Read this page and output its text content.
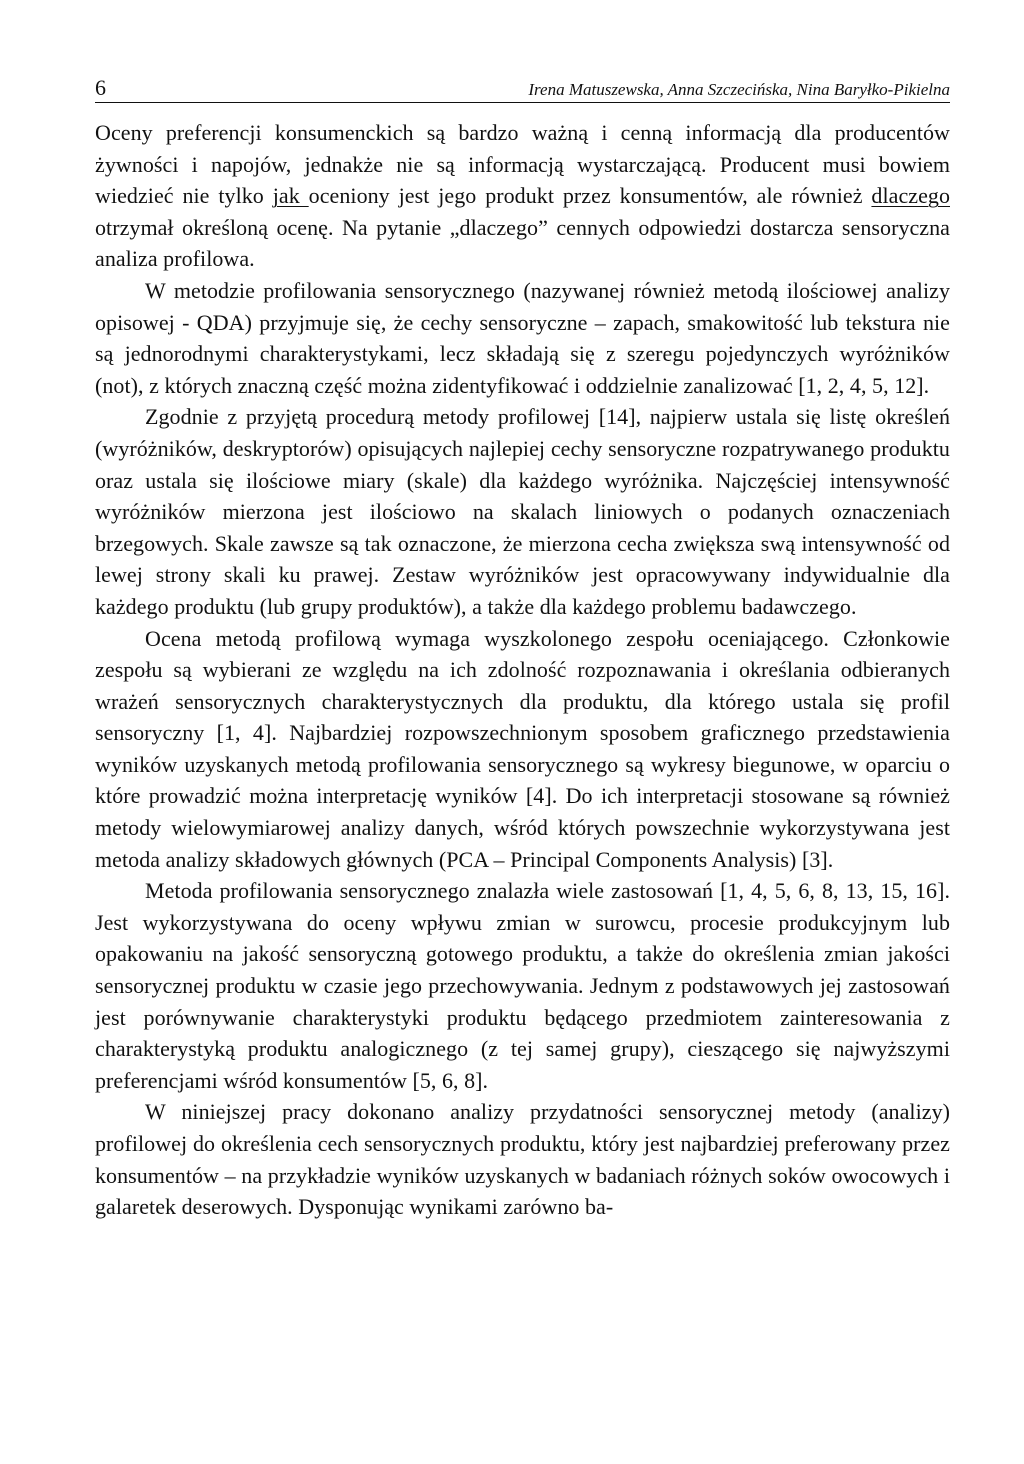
6	Irena Matuszewska, Anna Szczecińska, Nina Baryłko-Pikielna

Oceny preferencji konsumenckich są bardzo ważną i cenną informacją dla producentów żywności i napojów, jednakże nie są informacją wystarczającą. Producent musi bowiem wiedzieć nie tylko jak oceniony jest jego produkt przez konsumentów, ale również dlaczego otrzymał określoną ocenę. Na pytanie „dlaczego” cennych odpowiedzi dostarcza sensoryczna analiza profilowa.

W metodzie profilowania sensorycznego (nazywanej również metodą ilościowej analizy opisowej - QDA) przyjmuje się, że cechy sensoryczne – zapach, smakowitość lub tekstura nie są jednorodnymi charakterystykami, lecz składają się z szeregu pojedynczych wyróżników (not), z których znaczną część można zidentyfikować i oddzielnie zanalizować [1, 2, 4, 5, 12].

Zgodnie z przyjętą procedurą metody profilowej [14], najpierw ustala się listę określeń (wyróżników, deskryptorów) opisujących najlepiej cechy sensoryczne rozpatrywanego produktu oraz ustala się ilościowe miary (skale) dla każdego wyróżnika. Najczęściej intensywność wyróżników mierzona jest ilościowo na skalach liniowych o podanych oznaczeniach brzegowych. Skale zawsze są tak oznaczone, że mierzona cecha zwiększa swą intensywność od lewej strony skali ku prawej. Zestaw wyróżników jest opracowywany indywidualnie dla każdego produktu (lub grupy produktów), a także dla każdego problemu badawczego.

Ocena metodą profilową wymaga wyszkolonego zespołu oceniającego. Członkowie zespołu są wybierani ze względu na ich zdolność rozpoznawania i określania odbieranych wrażeń sensorycznych charakterystycznych dla produktu, dla którego ustala się profil sensoryczny [1, 4]. Najbardziej rozpowszechnionym sposobem graficznego przedstawienia wyników uzyskanych metodą profilowania sensorycznego są wykresy biegunowe, w oparciu o które prowadzić można interpretację wyników [4]. Do ich interpretacji stosowane są również metody wielowymiarowej analizy danych, wśród których powszechnie wykorzystywana jest metoda analizy składowych głównych (PCA – Principal Components Analysis) [3].

Metoda profilowania sensorycznego znalazła wiele zastosowań [1, 4, 5, 6, 8, 13, 15, 16]. Jest wykorzystywana do oceny wpływu zmian w surowcu, procesie produkcyjnym lub opakowaniu na jakość sensoryczną gotowego produktu, a także do określenia zmian jakości sensorycznej produktu w czasie jego przechowywania. Jednym z podstawowych jej zastosowań jest porównywanie charakterystyki produktu będącego przedmiotem zainteresowania z charakterystyką produktu analogicznego (z tej samej grupy), cieszącego się najwyższymi preferencjami wśród konsumentów [5, 6, 8].

W niniejszej pracy dokonano analizy przydatności sensorycznej metody (analizy) profilowej do określenia cech sensorycznych produktu, który jest najbardziej preferowany przez konsumentów – na przykładzie wyników uzyskanych w badaniach różnych soków owocowych i galaretek deserowych. Dysponując wynikami zarówno ba-
